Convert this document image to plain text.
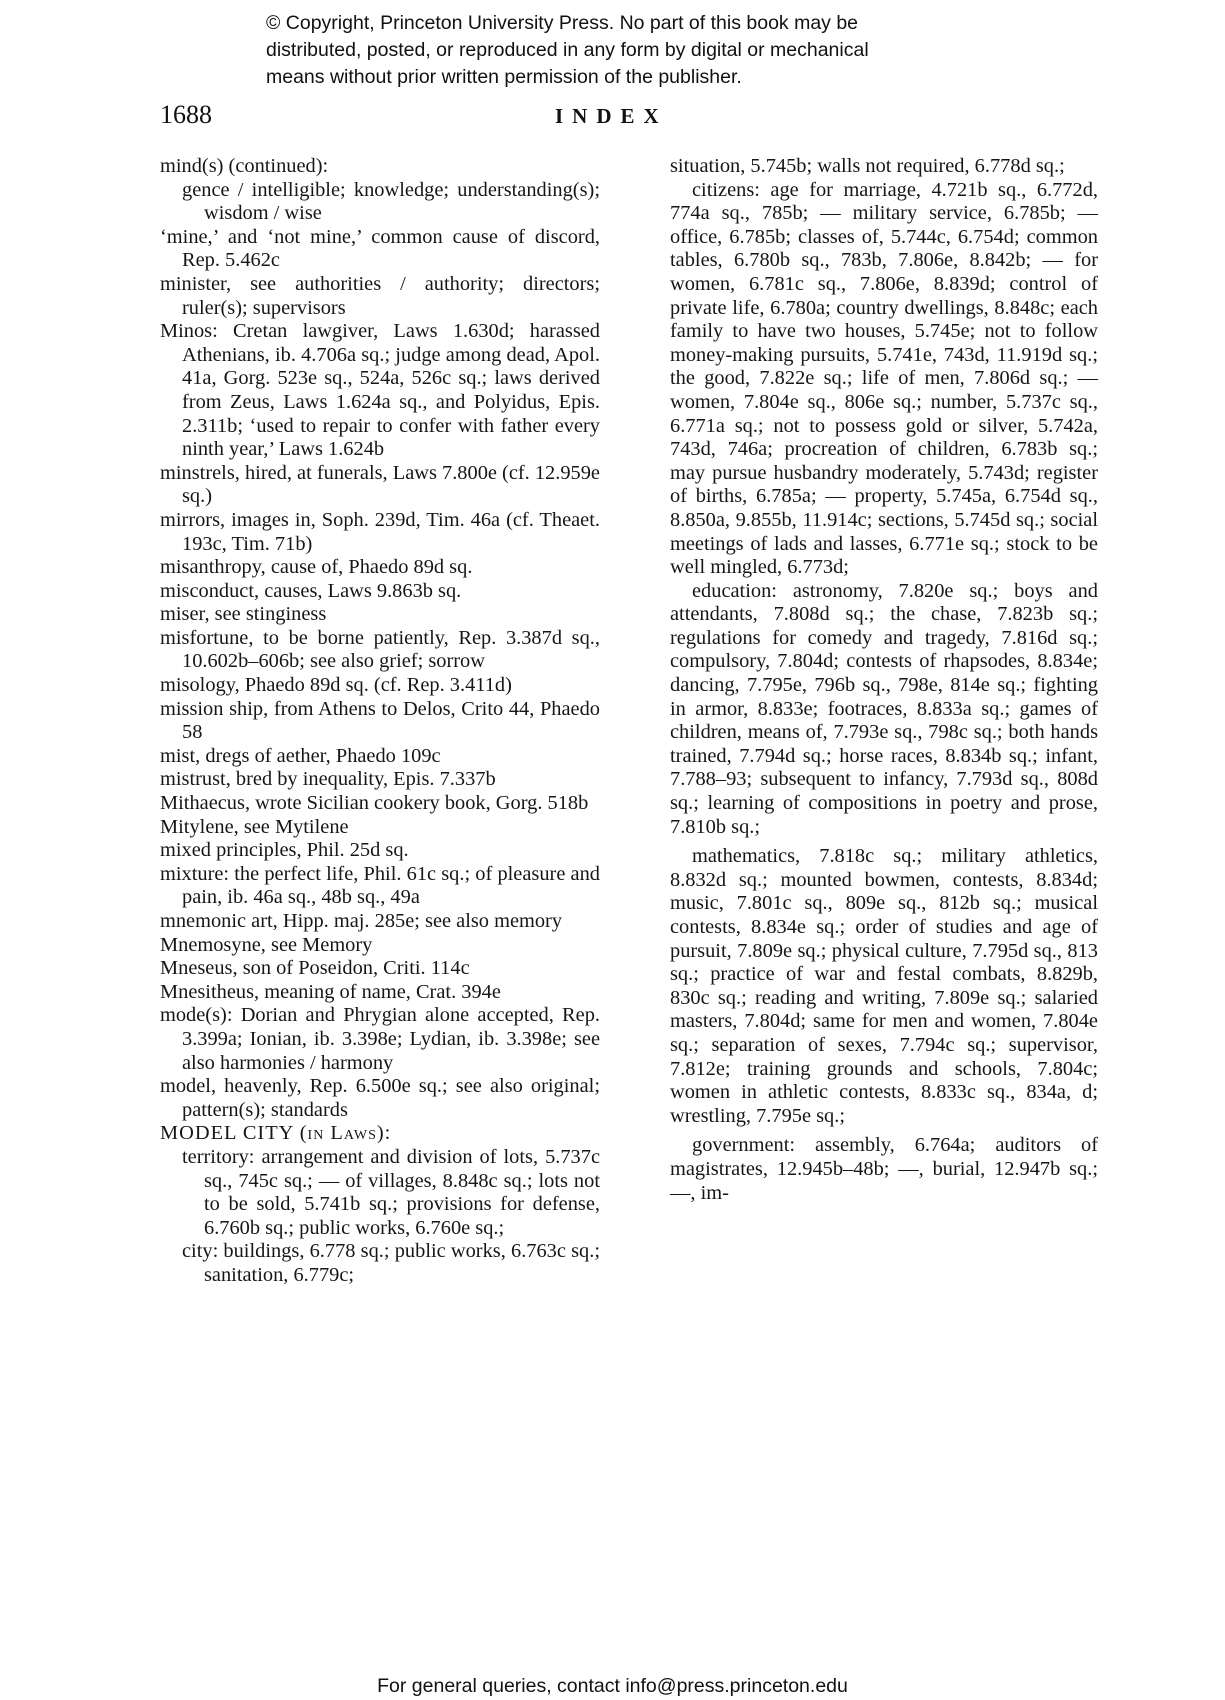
© Copyright, Princeton University Press. No part of this book may be
distributed, posted, or reproduced in any form by digital or mechanical
means without prior written permission of the publisher.
1688	INDEX
mind(s) (continued):
gence / intelligible; knowledge; understanding(s); wisdom / wise
‘mine,’ and ‘not mine,’ common cause of discord, Rep. 5.462c
minister, see authorities / authority; directors; ruler(s); supervisors
Minos: Cretan lawgiver, Laws 1.630d; harassed Athenians, ib. 4.706a sq.; judge among dead, Apol. 41a, Gorg. 523e sq., 524a, 526c sq.; laws derived from Zeus, Laws 1.624a sq., and Polyidus, Epis. 2.311b; ‘used to repair to confer with father every ninth year,’ Laws 1.624b
minstrels, hired, at funerals, Laws 7.800e (cf. 12.959e sq.)
mirrors, images in, Soph. 239d, Tim. 46a (cf. Theaet. 193c, Tim. 71b)
misanthropy, cause of, Phaedo 89d sq.
misconduct, causes, Laws 9.863b sq.
miser, see stinginess
misfortune, to be borne patiently, Rep. 3.387d sq., 10.602b–606b; see also grief; sorrow
misology, Phaedo 89d sq. (cf. Rep. 3.411d)
mission ship, from Athens to Delos, Crito 44, Phaedo 58
mist, dregs of aether, Phaedo 109c
mistrust, bred by inequality, Epis. 7.337b
Mithaecus, wrote Sicilian cookery book, Gorg. 518b
Mitylene, see Mytilene
mixed principles, Phil. 25d sq.
mixture: the perfect life, Phil. 61c sq.; of pleasure and pain, ib. 46a sq., 48b sq., 49a
mnemonic art, Hipp. maj. 285e; see also memory
Mnemosyne, see Memory
Mneseus, son of Poseidon, Criti. 114c
Mnesitheus, meaning of name, Crat. 394e
mode(s): Dorian and Phrygian alone accepted, Rep. 3.399a; Ionian, ib. 3.398e; Lydian, ib. 3.398e; see also harmonies / harmony
model, heavenly, Rep. 6.500e sq.; see also original; pattern(s); standards
MODEL CITY (in Laws):
territory: arrangement and division of lots, 5.737c sq., 745c sq.; — of villages, 8.848c sq.; lots not to be sold, 5.741b sq.; provisions for defense, 6.760b sq.; public works, 6.760e sq.;
city: buildings, 6.778 sq.; public works, 6.763c sq.; sanitation, 6.779c;
situation, 5.745b; walls not required, 6.778d sq.;
citizens: age for marriage, 4.721b sq., 6.772d, 774a sq., 785b; — military service, 6.785b; — office, 6.785b; classes of, 5.744c, 6.754d; common tables, 6.780b sq., 783b, 7.806e, 8.842b; — for women, 6.781c sq., 7.806e, 8.839d; control of private life, 6.780a; country dwellings, 8.848c; each family to have two houses, 5.745e; not to follow money-making pursuits, 5.741e, 743d, 11.919d sq.; the good, 7.822e sq.; life of men, 7.806d sq.; — women, 7.804e sq., 806e sq.; number, 5.737c sq., 6.771a sq.; not to possess gold or silver, 5.742a, 743d, 746a; procreation of children, 6.783b sq.; may pursue husbandry moderately, 5.743d; register of births, 6.785a; — property, 5.745a, 6.754d sq., 8.850a, 9.855b, 11.914c; sections, 5.745d sq.; social meetings of lads and lasses, 6.771e sq.; stock to be well mingled, 6.773d;
education: astronomy, 7.820e sq.; boys and attendants, 7.808d sq.; the chase, 7.823b sq.; regulations for comedy and tragedy, 7.816d sq.; compulsory, 7.804d; contests of rhapsodes, 8.834e; dancing, 7.795e, 796b sq., 798e, 814e sq.; fighting in armor, 8.833e; footraces, 8.833a sq.; games of children, means of, 7.793e sq., 798c sq.; both hands trained, 7.794d sq.; horse races, 8.834b sq.; infant, 7.788–93; subsequent to infancy, 7.793d sq., 808d sq.; learning of compositions in poetry and prose, 7.810b sq.;
mathematics, 7.818c sq.; military athletics, 8.832d sq.; mounted bowmen, contests, 8.834d; music, 7.801c sq., 809e sq., 812b sq.; musical contests, 8.834e sq.; order of studies and age of pursuit, 7.809e sq.; physical culture, 7.795d sq., 813 sq.; practice of war and festal combats, 8.829b, 830c sq.; reading and writing, 7.809e sq.; salaried masters, 7.804d; same for men and women, 7.804e sq.; separation of sexes, 7.794c sq.; supervisor, 7.812e; training grounds and schools, 7.804c; women in athletic contests, 8.833c sq., 834a, d; wrestling, 7.795e sq.;
government: assembly, 6.764a; auditors of magistrates, 12.945b–48b; —, burial, 12.947b sq.; —, im-
For general queries, contact info@press.princeton.edu
